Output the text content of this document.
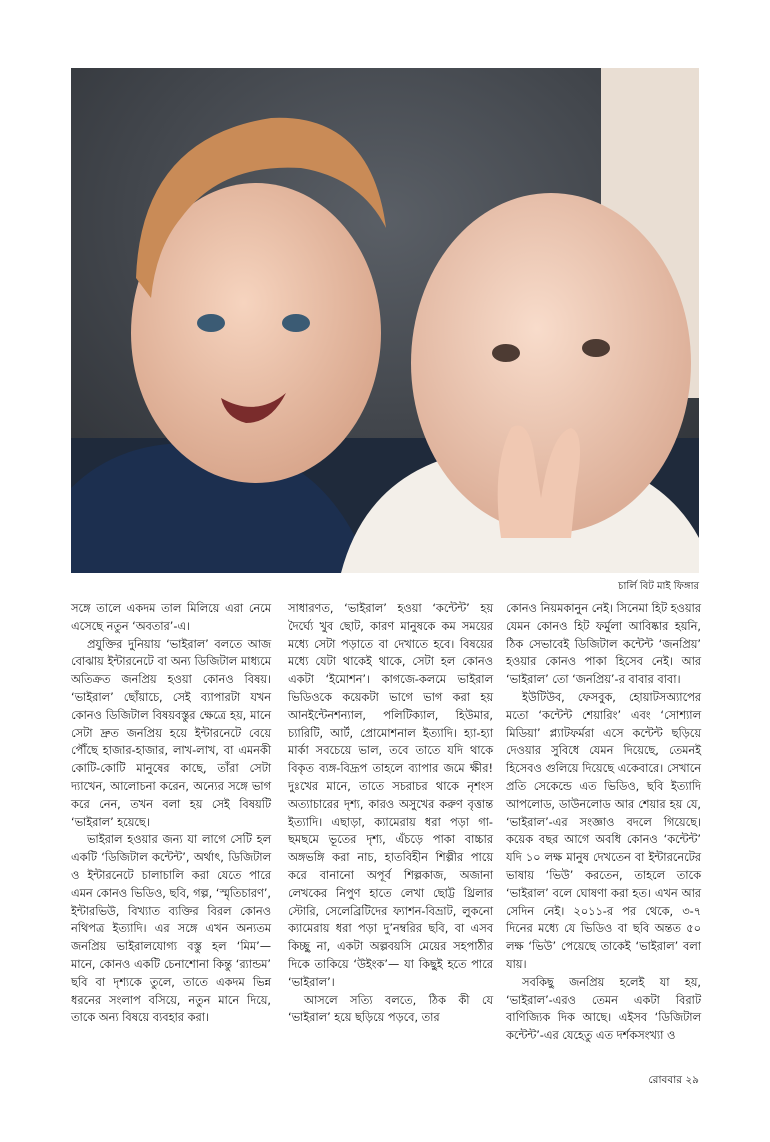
চার্লি বিট মাই ফিঙ্গার

সঙ্গে তালে একদম তাল মিলিয়ে এরা নেমে এসেছে নতুন ‘অবতার’-এ।

প্রযুক্তির দুনিয়ায় ‘ভাইরাল’ বলতে আজ বোঝায় ইন্টারনেটে বা অন্য ডিজিটাল মাধ্যমে অতিক্রত জনপ্রিয় হওয়া কোনও বিষয়। ‘ভাইরাল’ ছোঁয়াচে, সেই ব্যাপারটা যখন কোনও ডিজিটাল বিষয়বস্তুর ক্ষেত্রে হয়, মানে সেটা দ্রুত জনপ্রিয় হয়ে ইন্টারনেটে বেয়ে পৌঁছে হাজার-হাজার, লাখ-লাখ, বা এমনকী কোটি-কোটি মানুষের কাছে, তাঁরা সেটা দ্যাখেন, আলোচনা করেন, অন্যের সঙ্গে ভাগ করে নেন, তখন বলা হয় সেই বিষয়টি ‘ভাইরাল’ হয়েছে।

ভাইরাল হওয়ার জন্য যা লাগে সেটি হল একটি ‘ডিজিটাল কন্টেন্ট’, অর্থাৎ, ডিজিটাল ও ইন্টারনেটে চালাচালি করা যেতে পারে এমন কোনও ভিডিও, ছবি, গল্প, ‘স্মৃতিচারণ’, ইন্টারভিউ, বিখ্যাত ব্যক্তির বিরল কোনও নথিপত্র ইত্যাদি। এর সঙ্গে এখন অন্যতম জনপ্রিয় ভাইরালযোগ্য বস্তু হল ‘মিম’— মানে, কোনও একটি চেনাশোনা কিন্তু ‘র‍্যান্ডম’ ছবি বা দৃশ্যকে তুলে, তাতে একদম ভিন্ন ধরনের সংলাপ বসিয়ে, নতুন মানে দিয়ে, তাকে অন্য বিষয়ে ব্যবহার করা।

সাধারণত, ‘ভাইরাল’ হওয়া ‘কন্টেন্ট’ হয় দৈর্ঘ্যে খুব ছোট, কারণ মানুষকে কম সময়ের মধ্যে সেটা পড়াতে বা দেখাতে হবে। বিষয়ের মধ্যে যেটা থাকেই থাকে, সেটা হল কোনও একটা ‘ইমোশন’। কাগজে-কলমে ভাইরাল ভিডিওকে কয়েকটা ভাগে ভাগ করা হয় আনইন্টেনশন্যাল, পলিটিক্যাল, হিউমার, চ্যারিটি, আর্ট, প্রোমোশনাল ইত্যাদি। হ্যা-হ্যা মার্কা সবচেয়ে ভাল, তবে তাতে যদি থাকে বিকৃত ব্যঙ্গ-বিদ্রূপ তাহলে ব্যাপার জমে ক্ষীর! দুঃখের মানে, তাতে সচরাচর থাকে নৃশংস অত্যাচারের দৃশ্য, কারও অসুখের করুণ বৃত্তান্ত ইত্যাদি। এছাড়া, ক্যামেরায় ধরা পড়া গা-ছমছমে ভূতের দৃশ্য, এঁচড়ে পাকা বাচ্চার অঙ্গভঙ্গি করা নাচ, হাতবিহীন শিল্পীর পায়ে করে বানানো অপূর্ব শিল্পকাজ, অজানা লেখকের নিপুণ হাতে লেখা ছোট্ট থ্রিলার স্টোরি, সেলেব্রিটিদের ফ্যাশন-বিভ্রাট, লুকনো ক্যামেরায় ধরা পড়া দু’নম্বরির ছবি, বা এসব কিচ্ছু না, একটা অল্পবয়সি মেয়ের সহপাঠীর দিকে তাকিয়ে ‘উইংক’— যা কিছুই হতে পারে ‘ভাইরাল’।

আসলে সত্যি বলতে, ঠিক কী যে ‘ভাইরাল’ হয়ে ছড়িয়ে পড়বে, তার

কোনও নিয়মকানুন নেই। সিনেমা হিট হওয়ার যেমন কোনও হিট ফর্মুলা আবিষ্কার হয়নি, ঠিক সেভাবেই ডিজিটাল কন্টেন্ট ‘জনপ্রিয়’ হওয়ার কোনও পাকা হিসেব নেই। আর ‘ভাইরাল’ তো ‘জনপ্রিয়’-র বাবার বাবা।

ইউটিউব, ফেসবুক, হোয়াটসঅ্যাপের মতো ‘কন্টেন্ট শেয়ারিং’ এবং ‘সোশ্যাল মিডিয়া’ প্ল্যাটফর্মরা এসে কন্টেন্ট ছড়িয়ে দেওয়ার সুবিধে যেমন দিয়েছে, তেমনই হিসেবও গুলিয়ে দিয়েছে একেবারে। সেখানে প্রতি সেকেন্ডে এত ভিডিও, ছবি ইত্যাদি আপলোড, ডাউনলোড আর শেয়ার হয় যে, ‘ভাইরাল’-এর সংজ্ঞাও বদলে গিয়েছে। কয়েক বছর আগে অবধি কোনও ‘কন্টেন্ট’ যদি ১০ লক্ষ মানুষ দেখতেন বা ইন্টারনেটের ভাষায় ‘ভিউ’ করতেন, তাহলে তাকে ‘ভাইরাল’ বলে ঘোষণা করা হত। এখন আর সেদিন নেই। ২০১১-র পর থেকে, ৩-৭ দিনের মধ্যে যে ভিডিও বা ছবি অন্তত ৫০ লক্ষ ‘ভিউ’ পেয়েছে তাকেই ‘ভাইরাল’ বলা যায়।

সবকিছু জনপ্রিয় হলেই যা হয়, ‘ভাইরাল’-এরও তেমন একটা বিরাট বাণিজ্যিক দিক আছে। এইসব ‘ডিজিটাল কন্টেন্ট’-এর যেহেতু এত দর্শকসংখ্যা ও

রোববার ২৯
